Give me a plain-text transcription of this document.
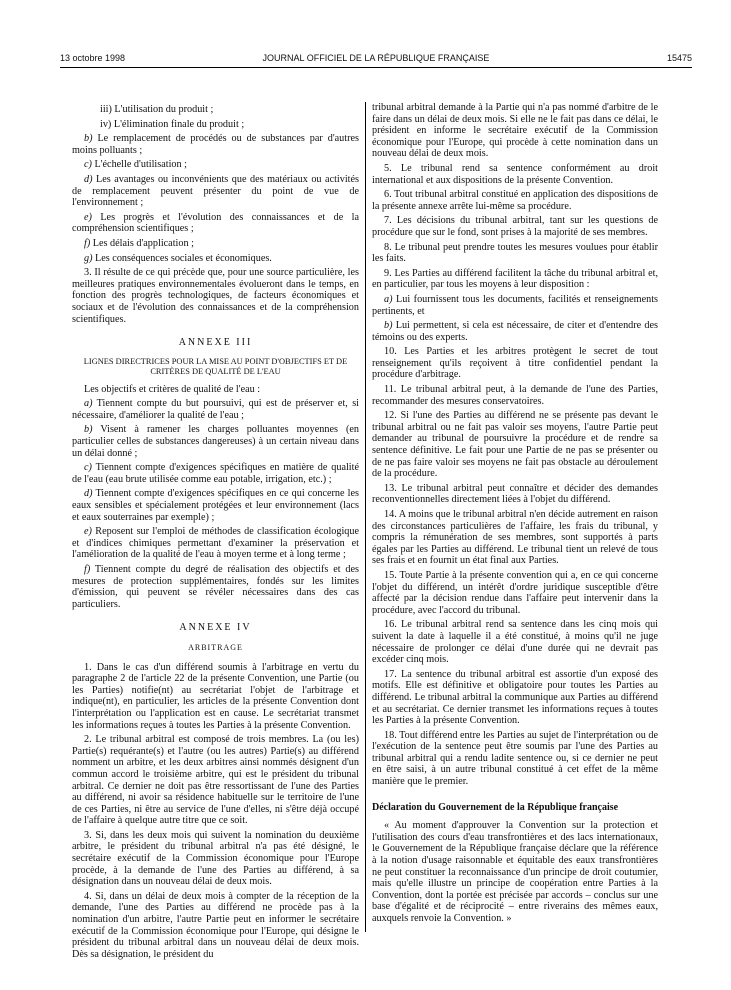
13 octobre 1998	JOURNAL OFFICIEL DE LA RÉPUBLIQUE FRANÇAISE	15475

iii) L'utilisation du produit ;

iv) L'élimination finale du produit ;

b) Le remplacement de procédés ou de substances par d'autres moins polluants ;

c) L'échelle d'utilisation ;

d) Les avantages ou inconvénients que des matériaux ou activités de remplacement peuvent présenter du point de vue de l'environnement ;

e) Les progrès et l'évolution des connaissances et de la compréhension scientifiques ;

f) Les délais d'application ;

g) Les conséquences sociales et économiques.

3. Il résulte de ce qui précède que, pour une source particulière, les meilleures pratiques environnementales évolueront dans le temps, en fonction des progrès technologiques, de facteurs économiques et sociaux et de l'évolution des connaissances et de la compréhension scientifiques.

ANNEXE III
LIGNES DIRECTRICES POUR LA MISE AU POINT D'OBJECTIFS ET DE CRITÈRES DE QUALITÉ DE L'EAU

Les objectifs et critères de qualité de l'eau :

a) Tiennent compte du but poursuivi, qui est de préserver et, si nécessaire, d'améliorer la qualité de l'eau ;

b) Visent à ramener les charges polluantes moyennes (en particulier celles de substances dangereuses) à un certain niveau dans un délai donné ;

c) Tiennent compte d'exigences spécifiques en matière de qualité de l'eau (eau brute utilisée comme eau potable, irrigation, etc.) ;

d) Tiennent compte d'exigences spécifiques en ce qui concerne les eaux sensibles et spécialement protégées et leur environnement (lacs et eaux souterraines par exemple) ;

e) Reposent sur l'emploi de méthodes de classification écologique et d'indices chimiques permettant d'examiner la préservation et l'amélioration de la qualité de l'eau à moyen terme et à long terme ;

f) Tiennent compte du degré de réalisation des objectifs et des mesures de protection supplémentaires, fondés sur les limites d'émission, qui peuvent se révéler nécessaires dans des cas particuliers.

ANNEXE IV
ARBITRAGE

1. Dans le cas d'un différend soumis à l'arbitrage en vertu du paragraphe 2 de l'article 22 de la présente Convention, une Partie (ou les Parties) notifie(nt) au secrétariat l'objet de l'arbitrage et indique(nt), en particulier, les articles de la présente Convention dont l'interprétation ou l'application est en cause. Le secrétariat transmet les informations reçues à toutes les Parties à la présente Convention.

2. Le tribunal arbitral est composé de trois membres. La (ou les) Partie(s) requérante(s) et l'autre (ou les autres) Partie(s) au différend nomment un arbitre, et les deux arbitres ainsi nommés désignent d'un commun accord le troisième arbitre, qui est le président du tribunal arbitral. Ce dernier ne doit pas être ressortissant de l'une des Parties au différend, ni avoir sa résidence habituelle sur le territoire de l'une de ces Parties, ni être au service de l'une d'elles, ni s'être déjà occupé de l'affaire à quelque autre titre que ce soit.

3. Si, dans les deux mois qui suivent la nomination du deuxième arbitre, le président du tribunal arbitral n'a pas été désigné, le secrétaire exécutif de la Commission économique pour l'Europe procède, à la demande de l'une des Parties au différend, à sa désignation dans un nouveau délai de deux mois.

4. Si, dans un délai de deux mois à compter de la réception de la demande, l'une des Parties au différend ne procède pas à la nomination d'un arbitre, l'autre Partie peut en informer le secrétaire exécutif de la Commission économique pour l'Europe, qui désigne le président du tribunal arbitral dans un nouveau délai de deux mois. Dès sa désignation, le président du

tribunal arbitral demande à la Partie qui n'a pas nommé d'arbitre de le faire dans un délai de deux mois. Si elle ne le fait pas dans ce délai, le président en informe le secrétaire exécutif de la Commission économique pour l'Europe, qui procède à cette nomination dans un nouveau délai de deux mois.

5. Le tribunal rend sa sentence conformément au droit international et aux dispositions de la présente Convention.

6. Tout tribunal arbitral constitué en application des dispositions de la présente annexe arrête lui-même sa procédure.

7. Les décisions du tribunal arbitral, tant sur les questions de procédure que sur le fond, sont prises à la majorité de ses membres.

8. Le tribunal peut prendre toutes les mesures voulues pour établir les faits.

9. Les Parties au différend facilitent la tâche du tribunal arbitral et, en particulier, par tous les moyens à leur disposition :

a) Lui fournissent tous les documents, facilités et renseignements pertinents, et

b) Lui permettent, si cela est nécessaire, de citer et d'entendre des témoins ou des experts.

10. Les Parties et les arbitres protègent le secret de tout renseignement qu'ils reçoivent à titre confidentiel pendant la procédure d'arbitrage.

11. Le tribunal arbitral peut, à la demande de l'une des Parties, recommander des mesures conservatoires.

12. Si l'une des Parties au différend ne se présente pas devant le tribunal arbitral ou ne fait pas valoir ses moyens, l'autre Partie peut demander au tribunal de poursuivre la procédure et de rendre sa sentence définitive. Le fait pour une Partie de ne pas se présenter ou de ne pas faire valoir ses moyens ne fait pas obstacle au déroulement de la procédure.

13. Le tribunal arbitral peut connaître et décider des demandes reconventionnelles directement liées à l'objet du différend.

14. A moins que le tribunal arbitral n'en décide autrement en raison des circonstances particulières de l'affaire, les frais du tribunal, y compris la rémunération de ses membres, sont supportés à parts égales par les Parties au différend. Le tribunal tient un relevé de tous ses frais et en fournit un état final aux Parties.

15. Toute Partie à la présente convention qui a, en ce qui concerne l'objet du différend, un intérêt d'ordre juridique susceptible d'être affecté par la décision rendue dans l'affaire peut intervenir dans la procédure, avec l'accord du tribunal.

16. Le tribunal arbitral rend sa sentence dans les cinq mois qui suivent la date à laquelle il a été constitué, à moins qu'il ne juge nécessaire de prolonger ce délai d'une durée qui ne devrait pas excéder cinq mois.

17. La sentence du tribunal arbitral est assortie d'un exposé des motifs. Elle est définitive et obligatoire pour toutes les Parties au différend. Le tribunal arbitral la communique aux Parties au différend et au secrétariat. Ce dernier transmet les informations reçues à toutes les Parties à la présente Convention.

18. Tout différend entre les Parties au sujet de l'interprétation ou de l'exécution de la sentence peut être soumis par l'une des Parties au tribunal arbitral qui a rendu ladite sentence ou, si ce dernier ne peut en être saisi, à un autre tribunal constitué à cet effet de la même manière que le premier.

Déclaration du Gouvernement de la République française

« Au moment d'approuver la Convention sur la protection et l'utilisation des cours d'eau transfrontières et des lacs internationaux, le Gouvernement de la République française déclare que la référence à la notion d'usage raisonnable et équitable des eaux transfrontières ne peut constituer la reconnaissance d'un principe de droit coutumier, mais qu'elle illustre un principe de coopération entre Parties à la Convention, dont la portée est précisée par accords – conclus sur une base d'égalité et de réciprocité – entre riverains des mêmes eaux, auxquels renvoie la Convention. »
